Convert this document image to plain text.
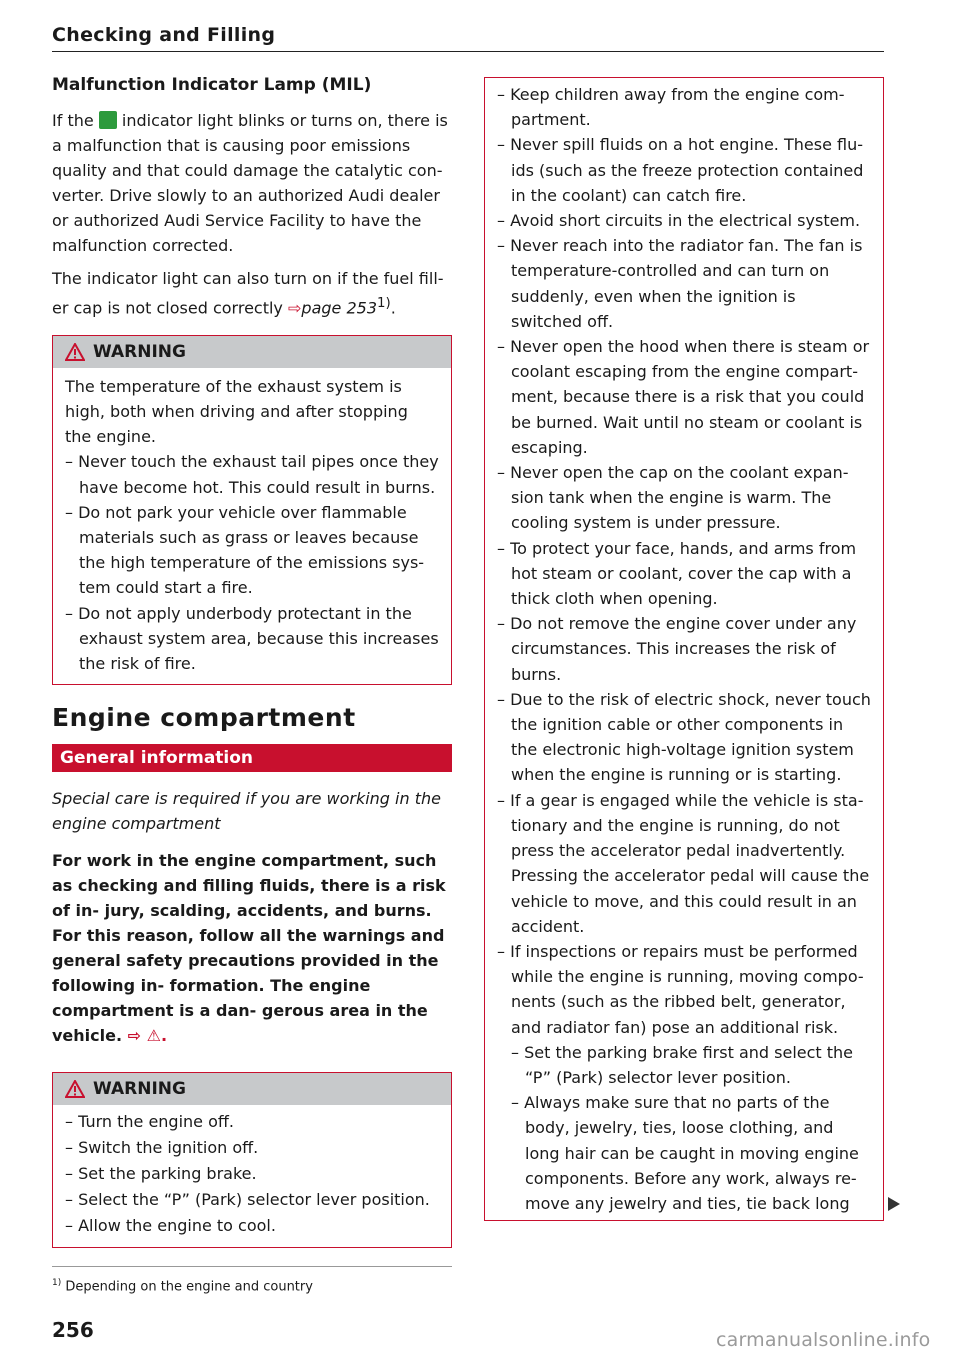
Checking and Filling
Malfunction Indicator Lamp (MIL)

If the indicator light blinks or turns on, there is a malfunction that is causing poor emissions quality and that could damage the catalytic con- verter. Drive slowly to an authorized Audi dealer or authorized Audi Service Facility to have the malfunction corrected.

The indicator light can also turn on if the fuel fill- er cap is not closed correctly ⇨page 253$^{1)}$.

WARNING

The temperature of the exhaust system is high, both when driving and after stopping the engine.

– Never touch the exhaust tail pipes once they have become hot. This could result in burns.
– Do not park your vehicle over flammable materials such as grass or leaves because the high temperature of the emissions sys- tem could start a fire.
– Do not apply underbody protectant in the exhaust system area, because this increases the risk of fire.
Engine compartment
General information
Special care is required if you are working in the engine compartment
For work in the engine compartment, such as checking and filling fluids, there is a risk of in- jury, scalding, accidents, and burns. For this reason, follow all the warnings and general safety precautions provided in the following in- formation. The engine compartment is a dan- gerous area in the vehicle. ⇨ ⚠.
WARNING
– Turn the engine off.
– Switch the ignition off.
– Set the parking brake.
– Select the “P” (Park) selector lever position.
– Allow the engine to cool.
– Keep children away from the engine com- partment.
– Never spill fluids on a hot engine. These flu- ids (such as the freeze protection contained in the coolant) can catch fire.
– Avoid short circuits in the electrical system.
– Never reach into the radiator fan. The fan is temperature-controlled and can turn on suddenly, even when the ignition is switched off.
– Never open the hood when there is steam or coolant escaping from the engine compart- ment, because there is a risk that you could be burned. Wait until no steam or coolant is escaping.
– Never open the cap on the coolant expan- sion tank when the engine is warm. The cooling system is under pressure.
– To protect your face, hands, and arms from hot steam or coolant, cover the cap with a thick cloth when opening.
– Do not remove the engine cover under any circumstances. This increases the risk of burns.
– Due to the risk of electric shock, never touch the ignition cable or other components in the electronic high-voltage ignition system when the engine is running or is starting.
– If a gear is engaged while the vehicle is sta- tionary and the engine is running, do not press the accelerator pedal inadvertently. Pressing the accelerator pedal will cause the vehicle to move, and this could result in an accident.
– If inspections or repairs must be performed while the engine is running, moving compo- nents (such as the ribbed belt, generator, and radiator fan) pose an additional risk.
– Set the parking brake first and select the “P” (Park) selector lever position.
– Always make sure that no parts of the body, jewelry, ties, loose clothing, and long hair can be caught in moving engine components. Before any work, always re- move any jewelry and ties, tie back long
$^{1)}$ Depending on the engine and country
256	carmanualsonline.info
